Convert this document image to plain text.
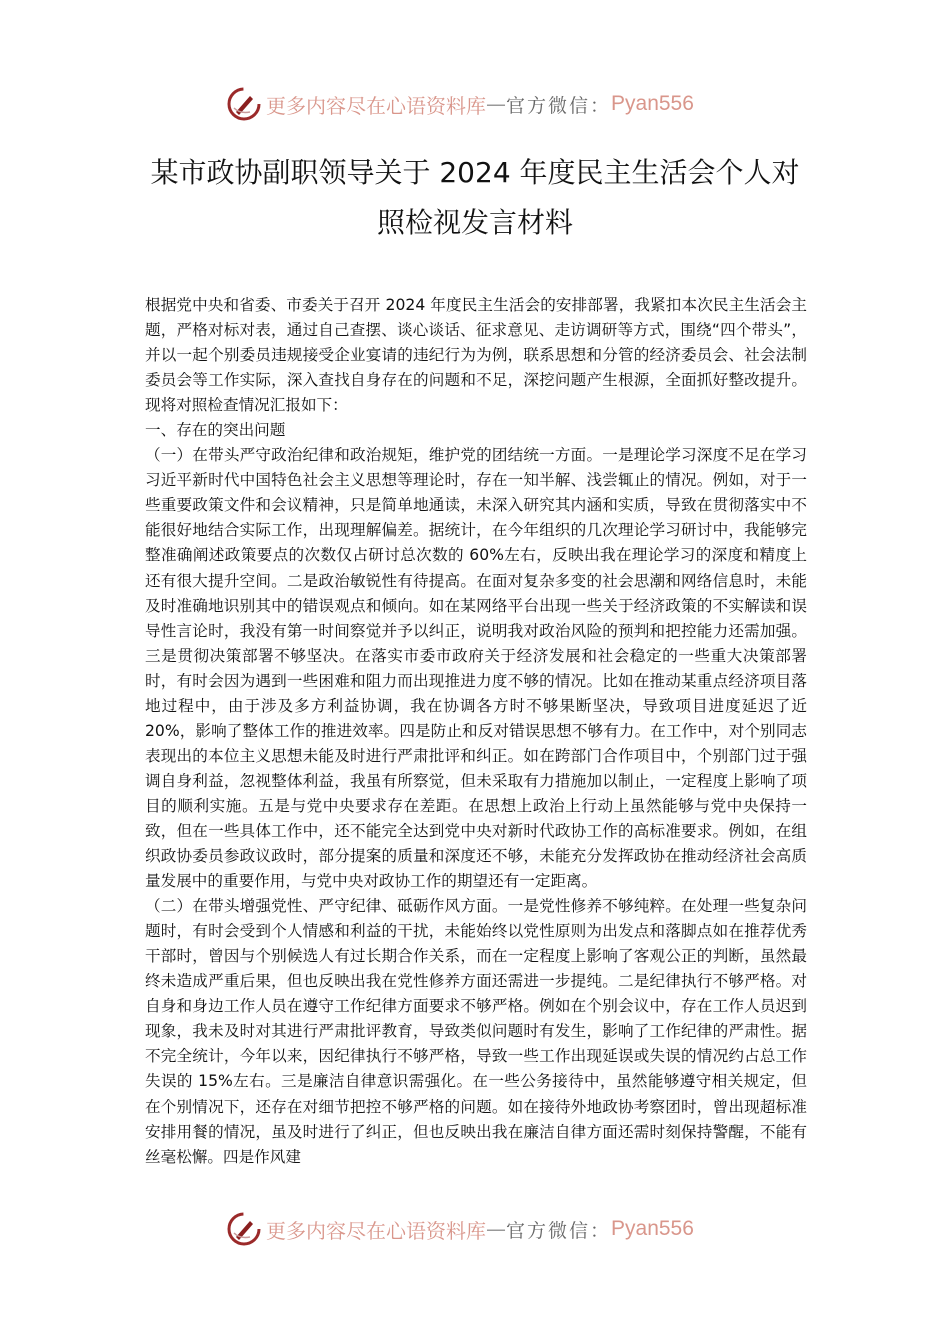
更多内容尽在心语资料库 — 官方微信： Pyan556
某市政协副职领导关于 2024 年度民主生活会个人对
照检视发言材料

根据党中央和省委、市委关于召开 2024 年度民主生活会的安排部署，我紧扣本次民主生活会主题，严格对标对表，通过自己查摆、谈心谈话、征求意见、走访调研等方式，围绕“四个带头”，并以一起个别委员违规接受企业宴请的违纪行为为例，联系思想和分管的经济委员会、社会法制委员会等工作实际，深入查找自身存在的问题和不足，深挖问题产生根源，全面抓好整改提升。现将对照检查情况汇报如下：

一、存在的突出问题

（一）在带头严守政治纪律和政治规矩，维护党的团结统一方面。一是理论学习深度不足在学习习近平新时代中国特色社会主义思想等理论时，存在一知半解、浅尝辄止的情况。例如，对于一些重要政策文件和会议精神，只是简单地通读，未深入研究其内涵和实质，导致在贯彻落实中不能很好地结合实际工作，出现理解偏差。据统计，在今年组织的几次理论学习研讨中，我能够完整准确阐述政策要点的次数仅占研讨总次数的 60%左右，反映出我在理论学习的深度和精度上还有很大提升空间。二是政治敏锐性有待提高。在面对复杂多变的社会思潮和网络信息时，未能及时准确地识别其中的错误观点和倾向。如在某网络平台出现一些关于经济政策的不实解读和误导性言论时，我没有第一时间察觉并予以纠正，说明我对政治风险的预判和把控能力还需加强。三是贯彻决策部署不够坚决。在落实市委市政府关于经济发展和社会稳定的一些重大决策部署时，有时会因为遇到一些困难和阻力而出现推进力度不够的情况。比如在推动某重点经济项目落地过程中，由于涉及多方利益协调，我在协调各方时不够果断坚决，导致项目进度延迟了近 20%，影响了整体工作的推进效率。四是防止和反对错误思想不够有力。在工作中，对个别同志表现出的本位主义思想未能及时进行严肃批评和纠正。如在跨部门合作项目中，个别部门过于强调自身利益，忽视整体利益，我虽有所察觉，但未采取有力措施加以制止，一定程度上影响了项目的顺利实施。五是与党中央要求存在差距。在思想上政治上行动上虽然能够与党中央保持一致，但在一些具体工作中，还不能完全达到党中央对新时代政协工作的高标准要求。例如，在组织政协委员参政议政时，部分提案的质量和深度还不够，未能充分发挥政协在推动经济社会高质量发展中的重要作用，与党中央对政协工作的期望还有一定距离。

（二）在带头增强党性、严守纪律、砥砺作风方面。一是党性修养不够纯粹。在处理一些复杂问题时，有时会受到个人情感和利益的干扰，未能始终以党性原则为出发点和落脚点如在推荐优秀干部时，曾因与个别候选人有过长期合作关系，而在一定程度上影响了客观公正的判断，虽然最终未造成严重后果，但也反映出我在党性修养方面还需进一步提纯。二是纪律执行不够严格。对自身和身边工作人员在遵守工作纪律方面要求不够严格。例如在个别会议中，存在工作人员迟到现象，我未及时对其进行严肃批评教育，导致类似问题时有发生，影响了工作纪律的严肃性。据不完全统计，今年以来，因纪律执行不够严格，导致一些工作出现延误或失误的情况约占总工作失误的 15%左右。三是廉洁自律意识需强化。在一些公务接待中，虽然能够遵守相关规定，但在个别情况下，还存在对细节把控不够严格的问题。如在接待外地政协考察团时，曾出现超标准安排用餐的情况，虽及时进行了纠正，但也反映出我在廉洁自律方面还需时刻保持警醒，不能有丝毫松懈。四是作风建

更多内容尽在心语资料库 — 官方微信： Pyan556
